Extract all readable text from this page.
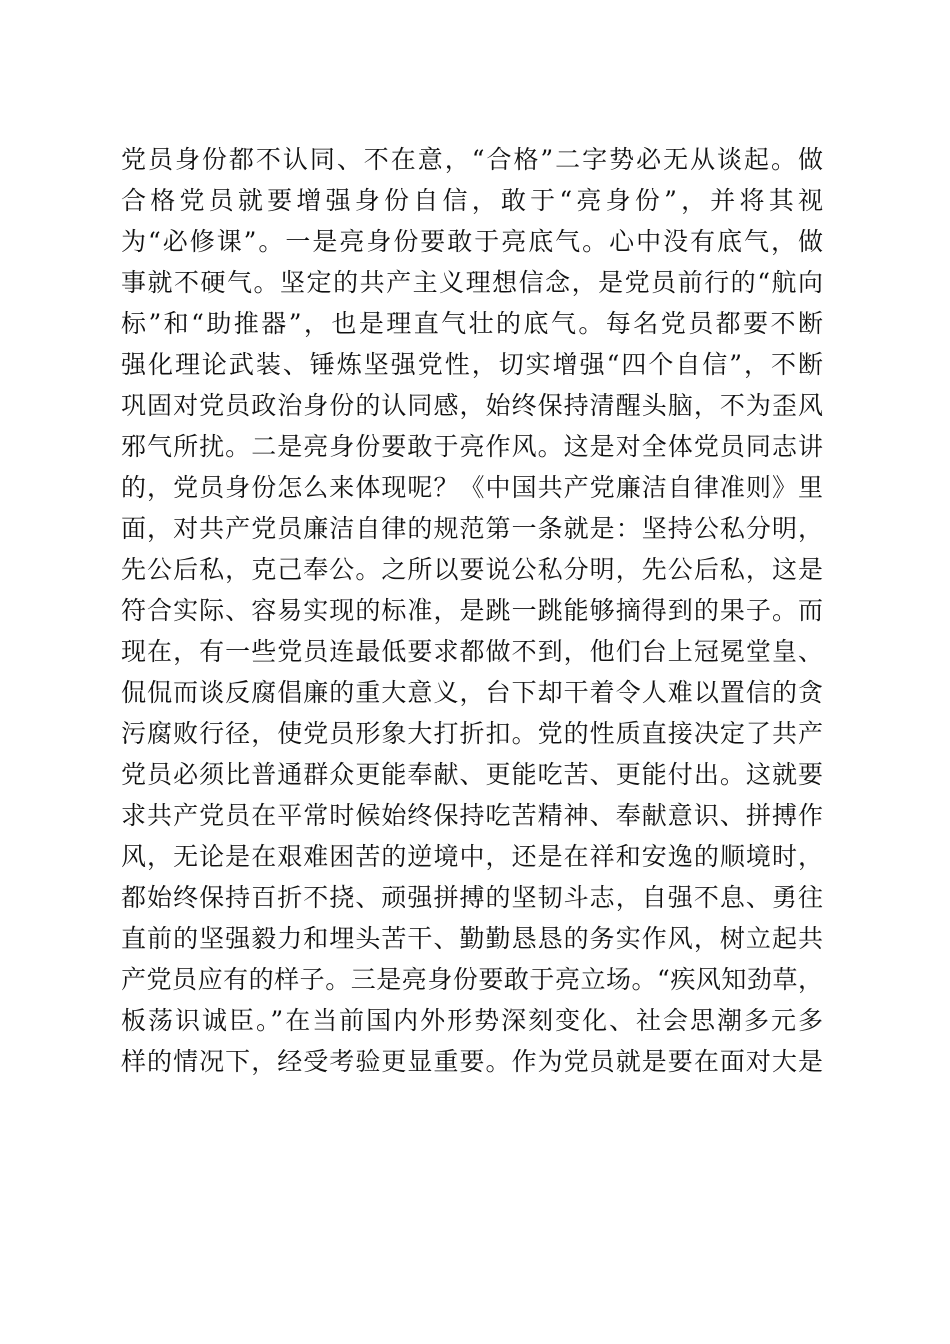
党员身份都不认同、不在意，“合格”二字势必无从谈起。做
合格党员就要增强身份自信，敢于“亮身份”，并将其视
为“必修课”。一是亮身份要敢于亮底气。心中没有底气，做
事就不硬气。坚定的共产主义理想信念，是党员前行的“航向
标”和“助推器”，也是理直气壮的底气。每名党员都要不断
强化理论武装、锤炼坚强党性，切实增强“四个自信”，不断
巩固对党员政治身份的认同感，始终保持清醒头脑，不为歪风
邪气所扰。二是亮身份要敢于亮作风。这是对全体党员同志讲
的，党员身份怎么来体现呢？《中国共产党廉洁自律准则》里
面，对共产党员廉洁自律的规范第一条就是：坚持公私分明，
先公后私，克己奉公。之所以要说公私分明，先公后私，这是
符合实际、容易实现的标准，是跳一跳能够摘得到的果子。而
现在，有一些党员连最低要求都做不到，他们台上冠冕堂皇、
侃侃而谈反腐倡廉的重大意义，台下却干着令人难以置信的贪
污腐败行径，使党员形象大打折扣。党的性质直接决定了共产
党员必须比普通群众更能奉献、更能吃苦、更能付出。这就要
求共产党员在平常时候始终保持吃苦精神、奉献意识、拼搏作
风，无论是在艰难困苦的逆境中，还是在祥和安逸的顺境时，
都始终保持百折不挠、顽强拼搏的坚韧斗志，自强不息、勇往
直前的坚强毅力和埋头苦干、勤勤恳恳的务实作风，树立起共
产党员应有的样子。三是亮身份要敢于亮立场。“疾风知劲草，
板荡识诚臣。”在当前国内外形势深刻变化、社会思潮多元多
样的情况下，经受考验更显重要。作为党员就是要在面对大是
